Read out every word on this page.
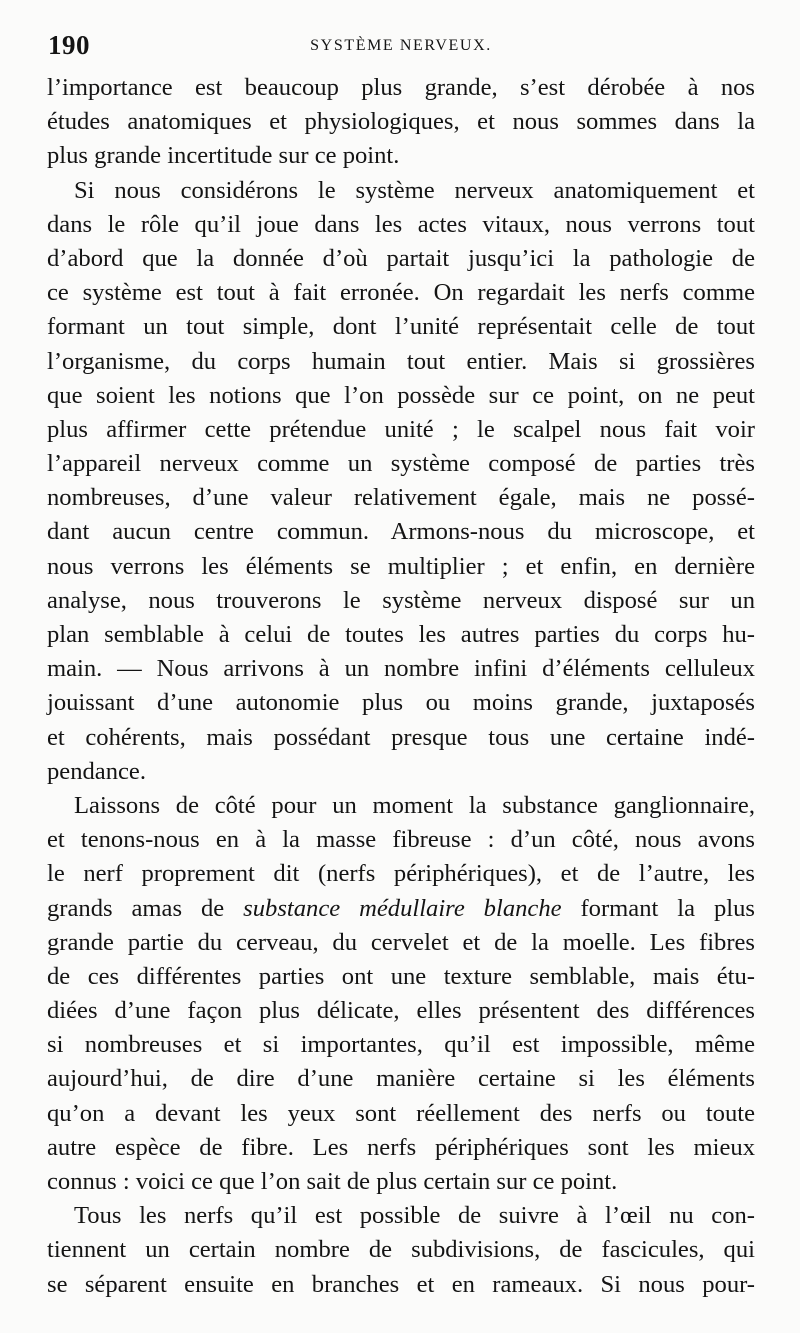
190	SYSTÈME NERVEUX.
l’importance est beaucoup plus grande, s’est dérobée à nos
études anatomiques et physiologiques, et nous sommes dans la
plus grande incertitude sur ce point.
Si nous considérons le système nerveux anatomiquement et
dans le rôle qu’il joue dans les actes vitaux, nous verrons tout
d’abord que la donnée d’où partait jusqu’ici la pathologie de
ce système est tout à fait erronée. On regardait les nerfs comme
formant un tout simple, dont l’unité représentait celle de tout
l’organisme, du corps humain tout entier. Mais si grossières
que soient les notions que l’on possède sur ce point, on ne peut
plus affirmer cette prétendue unité ; le scalpel nous fait voir
l’appareil nerveux comme un système composé de parties très
nombreuses, d’une valeur relativement égale, mais ne possé-
dant aucun centre commun. Armons-nous du microscope, et
nous verrons les éléments se multiplier ; et enfin, en dernière
analyse, nous trouverons le système nerveux disposé sur un
plan semblable à celui de toutes les autres parties du corps hu-
main. — Nous arrivons à un nombre infini d’éléments celluleux
jouissant d’une autonomie plus ou moins grande, juxtaposés
et cohérents, mais possédant presque tous une certaine indé-
pendance.
Laissons de côté pour un moment la substance ganglionnaire,
et tenons-nous en à la masse fibreuse : d’un côté, nous avons
le nerf proprement dit (nerfs périphériques), et de l’autre, les
grands amas de substance médullaire blanche formant la plus
grande partie du cerveau, du cervelet et de la moelle. Les fibres
de ces différentes parties ont une texture semblable, mais étu-
diées d’une façon plus délicate, elles présentent des différences
si nombreuses et si importantes, qu’il est impossible, même
aujourd’hui, de dire d’une manière certaine si les éléments
qu’on a devant les yeux sont réellement des nerfs ou toute
autre espèce de fibre. Les nerfs périphériques sont les mieux
connus : voici ce que l’on sait de plus certain sur ce point.
Tous les nerfs qu’il est possible de suivre à l’œil nu con-
tiennent un certain nombre de subdivisions, de fascicules, qui
se séparent ensuite en branches et en rameaux. Si nous pour-
